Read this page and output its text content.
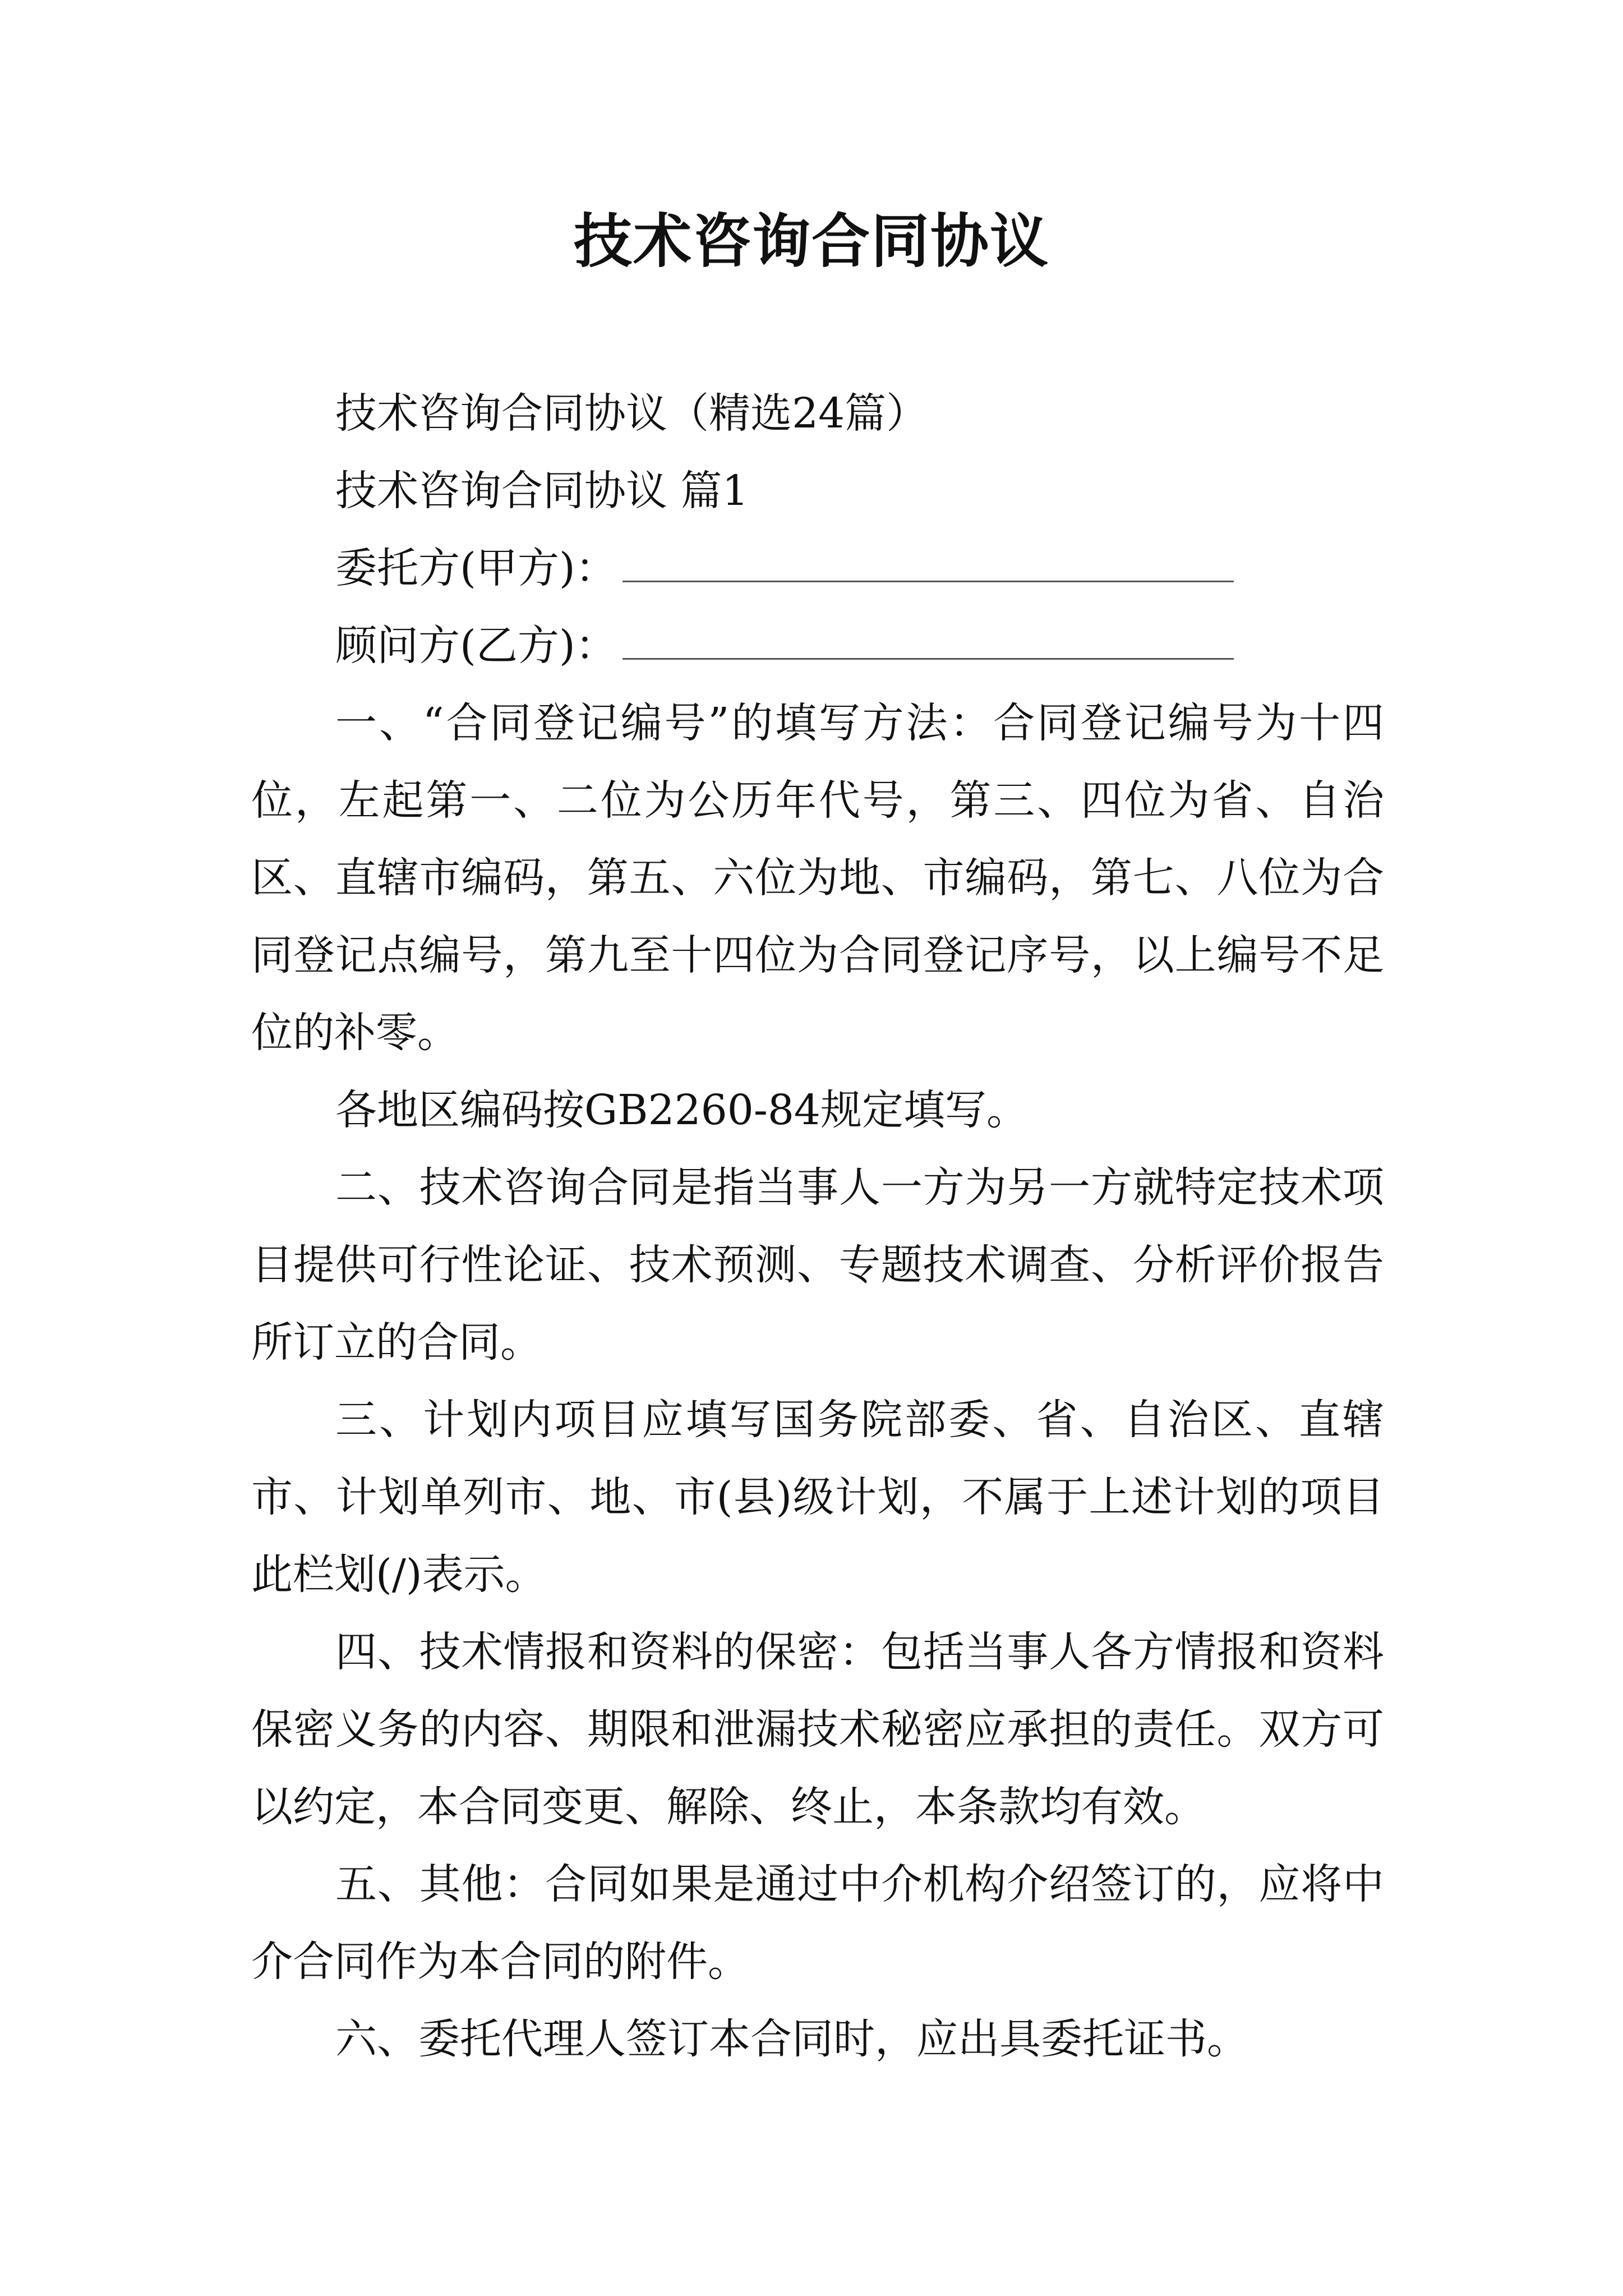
技术咨询合同协议

技术咨询合同协议（精选24篇）

技术咨询合同协议 篇1

委托方(甲方)：

顾问方(乙方)：

一、“合同登记编号”的填写方法：合同登记编号为十四位，左起第一、二位为公历年代号，第三、四位为省、自治区、直辖市编码，第五、六位为地、市编码，第七、八位为合同登记点编号，第九至十四位为合同登记序号，以上编号不足位的补零。

各地区编码按GB2260-84规定填写。

二、技术咨询合同是指当事人一方为另一方就特定技术项目提供可行性论证、技术预测、专题技术调查、分析评价报告所订立的合同。

三、计划内项目应填写国务院部委、省、自治区、直辖市、计划单列市、地、市(县)级计划，不属于上述计划的项目此栏划(/)表示。

四、技术情报和资料的保密：包括当事人各方情报和资料保密义务的内容、期限和泄漏技术秘密应承担的责任。双方可以约定，本合同变更、解除、终止，本条款均有效。

五、其他：合同如果是通过中介机构介绍签订的，应将中介合同作为本合同的附件。

六、委托代理人签订本合同时，应出具委托证书。
